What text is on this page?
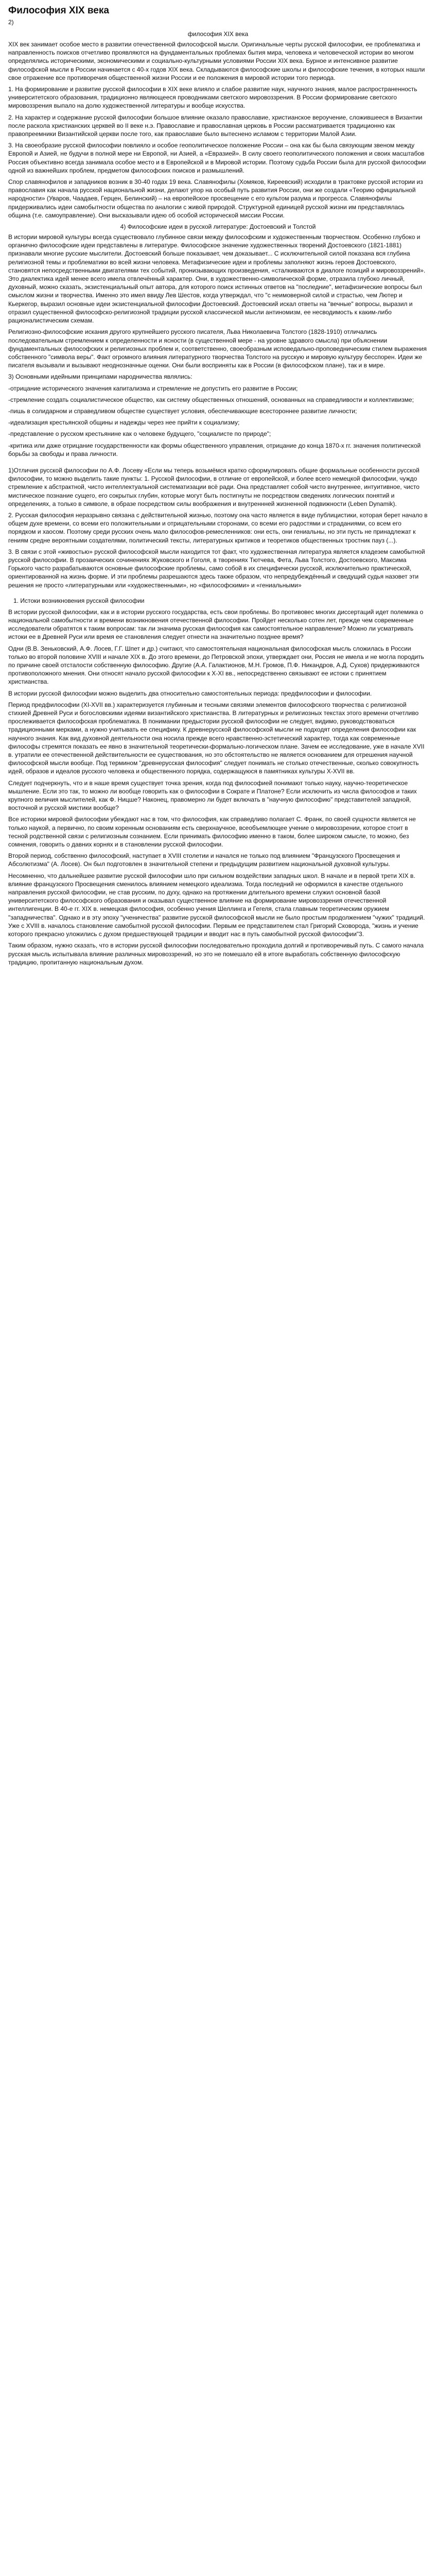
Философия XIX века
2)
философия XIX века

XIX век занимает особое место в развитии отечественной философской мысли. Оригинальные черты русской философии, ее проблематика и направленность поисков отчетливо проявляются на фундаментальных проблемах бытия мира, человека и человеческой истории во многом определялись историческими, экономическими и социально-культурными условиями России XIX века. Бурное и интенсивное развитие философской мысли в России начинается с 40-х годов XIX века. Складываются философские школы и философские течения, в которых нашли свое отражение все противоречия общественной жизни России и ее положения в мировой истории того периода.

1. На формирование и развитие русской философии в XIX веке влияло и слабое развитие наук, научного знания, малое распространенность университетского образования, традиционно являющееся проводниками светского мировоззрения. В России формирование светского мировоззрения выпало на долю художественной литературы и вообще искусства.

2. На характер и содержание русской философии большое влияние оказало православие, христианское вероучение, сложившееся в Византии после раскола христианских церквей во II веке н.э. Православие и православная церковь в России рассматривается традиционно как правопреемники Византийской церкви после того, как православие было вытеснено исламом с территории Малой Азии.

3. На своеобразие русской философии повлияло и особое геополитическое положение России – она как бы была связующим звеном между Европой и Азией, не будучи в полной мере ни Европой, ни Азией, а «Евразией». В силу своего геополитического положения и своих масштабов Россия объективно всегда занимала особое место и в Европейской и в Мировой истории. Поэтому судьба России была для русской философии одной из важнейших проблем, предметом философских поисков и размышлений.

Спор славянофилов и западников возник в 30-40 годах 19 века. Славянофилы (Хомяков, Киреевский) исходили в трактовке русской истории из православия как начала русской национальной жизни, делают упор на особый путь развития России, они же создали «Теорию официальной народности» (Уваров, Чаадаев, Герцен, Белинский) – на европейское просвещение с его культом разума и прогресса. Славянофилы придерживались идеи самобытности общества по аналогии с живой природой. Структурной единицей русской жизни им представлялась община (т.е. самоуправление). Они высказывали идею об особой исторической миссии России.

4) Философские идеи в русской литературе: Достоевский и Толстой

В истории мировой культуры всегда существовало глубинное связи между философским и художественным творчеством. Особенно глубоко и органично философские идеи представлены в литературе. Философское значение художественных творений Достоевского (1821-1881) признавали многие русские мыслители. Достоевский больше показывает, чем доказывает... С исключительной силой показана вся глубина религиозной темы и проблематики во всей жизни человека. Метафизические идеи и проблемы заполняют жизнь героев Достоевского, становятся непосредственными двигателями тех событий, пронизывающих произведения, «сталкиваются в диалоге позиций и мировоззрений». Это диалектика идей менее всего имела отвлечённый характер. Они, в художественно-символической форме, отразила глубоко личный, духовный, можно сказать, экзистенциальный опыт автора, для которого поиск истинных ответов на "последние", метафизические вопросы был смыслом жизни и творчества. Именно это имел ввиду Лев Шестов, когда утверждал, что "с неимоверной силой и страстью, чем Лютер и Кьеркегор, выразил основные идеи экзистенциальной философии Достоевский. Достоевский искал ответы на "вечные" вопросы, выразил и отразил существенной философско-религиозной традиции русской классической мысли антиномизм, ее несводимость к каким-либо рационалистическим схемам.

Религиозно-философские искания другого крупнейшего русского писателя, Льва Николаевича Толстого (1828-1910) отличались последовательным стремлением к определенности и ясности (в существенной мере - на уровне здравого смысла) при объяснении фундаментальных философских и религиозных проблем и, соответственно, своеобразным исповедально-проповедническим стилем выражения собственного "символа веры". Факт огромного влияния литературного творчества Толстого на русскую и мировую культуру бесспорен. Идеи же писателя вызывали и вызывают неоднозначные оценки. Они были восприняты как в России (в философском плане), так и в мире.

3) Основными идейными принципами народничества являлись:

-отрицание исторического значения капитализма и стремление не допустить его развитие в России;

-стремление создать социалистическое общество, как систему общественных отношений, основанных на справедливости и коллективизме;

-пишь в солидарном и справедливом обществе существует условия, обеспечивающие всестороннее развитие личности;

-идеализация крестьянской общины и надежды через нее прийти к социализму;

-представление о русском крестьянине как о человеке будущего, "социалисте по природе";

-критика или даже отрицание государственности как формы общественного управления, отрицание до конца 1870-х гг. значения политической борьбы за свободы и права личности.

1)Отличия русской философии по А.Ф. Лосеву «Если мы теперь возьмёмся кратко сформулировать общие формальные особенности русской философии, то можно выделить такие пункты: 1. Русской философии, в отличие от европейской, и более всего немецкой философии, чуждо стремление к абстрактной, чисто интеллектуальной систематизации всё ради. Она представляет собой чисто внутреннее, интуитивное, чисто мистическое познание сущего, его сокрытых глубин, которые могут быть постигнуты не посредством сведениях логических понятий и определениях, а только в символе, в образе посредством силы воображения и внутреннней жизненной подвижности (Leben Dynamik).

2. Русская философия неразрывно связана с действительной жизнью, поэтому она часто является в виде публицистики, которая берет начало в общем духе времени, со всеми его положительными и отрицательными сторонами, со всеми его радостями и страданиями, со всем его порядком и хаосом. Поэтому среди русских очень мало философов-ремесленников: они есть, они гениальны, но эти пусть не принадлежат к гениям средне вероятными создателями, политический тексты, литературных критиков и теоретиков общественных тростник пауз (...).

3. В связи с этой «живостью» русской философской мысли находится тот факт, что художественная литература является кладезем самобытной русской философии. В прозаических сочинениях Жуковского и Гоголя, в творениях Тютчева, Фета, Льва Толстого, Достоевского, Максима Горького часто разрабатываются основные философские проблемы, само собой в их специфически русской, исключительно практической, ориентированной на жизнь форме. И эти проблемы разрешаются здесь также образом, что непредубеждённый и сведущий судья назовет эти решения не просто «литературными или «художественными», но «философскими» и «гениальными»

1. Истоки возникновения русской философии

В истории русской философии, как и в истории русского государства, есть свои проблемы. Во противовес многих диссертаций идет полемика о национальной самобытности и времени возникновения отечественной философии. Пройдет несколько сотен лет, прежде чем современные исследователи обратятся к таким вопросам: так ли значима русская философия как самостоятельное направление? Можно ли усматривать истоки ее в Древней Руси или время ее становления следует отнести на значительно позднее время?

Одни (В.В. Зеньковский, А.Ф. Лосев, Г.Г. Шпет и др.) считают, что самостоятельная национальная философская мысль сложилась в России только во второй половине XVIII и начале XIX в. До этого времени, до Петровской эпохи, утверждает они, Россия не имела и не могла породить по причине своей отсталости собственную философию. Другие (А.А. Галактионов, М.Н. Громов, П.Ф. Никандров, А.Д. Сухов) придерживаются противоположного мнения. Они относят начало русской философии к X-XI вв., непосредственно связывают ее истоки с принятием христианства.

В истории русской философии можно выделить два относительно самостоятельных периода: предфилософии и философии.

Период предфилософии (XI-XVII вв.) характеризуется глубинным и тесными связями элементов философского творчества с религиозной стихией Древней Руси и богословскими идеями византийского христианства. В литературных и религиозных текстах этого времени отчетливо прослеживается философская проблематика. В понимании предыстории русской философии не следует, видимо, руководствоваться традиционными мерками, а нужно учитывать ее специфику. К древнерусской философской мысли не подходят определения философии как научного знания. Как вид духовной деятельности она носила прежде всего нравственно-эстетический характер, тогда как современные философы стремятся показать ее явно в значительной теоретически-формально-логическом плане. Зачем ее исследование, уже в начале XVII в. утратили ее отечественной действительности ее существования, но это обстоятельство не является основанием для отрешения научной философской мысли вообще. Под термином "древнерусская философия" следует понимать не столько отечественные, сколько совокупность идей, образов и идеалов русского человека и общественного порядка, содержащуюся в памятниках культуры X-XVII вв.

Следует подчеркнуть, что и в наше время существует точка зрения, когда под философией понимают только науку, научно-теоретическое мышление. Если это так, то можно ли вообще говорить как о философии в Сократе и Платоне? Если исключить из числа философов и таких крупного величия мыслителей, как Ф. Ницше? Наконец, правомерно ли будет включать в "научную философию" представителей западной, восточной и русской мистики вообще?

Все историки мировой философии убеждают нас в том, что философия, как справедливо полагает С. Франк, по своей сущности является не только наукой, а первично, по своим коренным основаниям есть сверхнаучное, всеобъемлющее учение о мировоззрении, которое стоит в тесной родственной связи с религиозным сознанием. Если принимать философию именно в таком, более широком смысле, то можно, без сомнения, говорить о давних корнях и в становлении русской философии.

Второй период, собственно философский, наступает в XVIII столетии и начался не только под влиянием "Французского Просвещения и Абсолютизма" (А. Лосев). Он был подготовлен в значительной степени и предыдущим развитием национальной духовной культуры.

Несомненно, что дальнейшее развитие русской философии шло при сильном воздействии западных школ. В начале и в первой трети XIX в. влияние французского Просвещения сменилось влиянием немецкого идеализма. Тогда последний не оформился в качестве отдельного направления русской философии, не став русским, по духу, однако на протяжении длительного времени служил основной базой университетского философского образования и оказывал существенное влияние на формирование мировоззрения отечественной интеллигенции. В 40-е гг. XIX в. немецкая философия, особенно учения Шеллинга и Гегеля, стала главным теоретическим оружием "западничества". Однако и в эту эпоху "ученичества" развитие русской философской мысли не было простым продолжением "чужих" традиций. Уже с XVIII в. началось становление самобытной русской философии. Первым ее представителем стал Григорий Сковорода, "жизнь и учение которого прекрасно уложились с духом предшествующей традиции и вводит нас в путь самобытной русской философии"3.

Таким образом, нужно сказать, что в истории русской философии последовательно проходила долгий и противоречивый путь. С самого начала русская мысль испытывала влияние различных мировоззрений, но это не помешало ей в итоге выработать собственную философскую традицию, пропитанную национальным духом.
